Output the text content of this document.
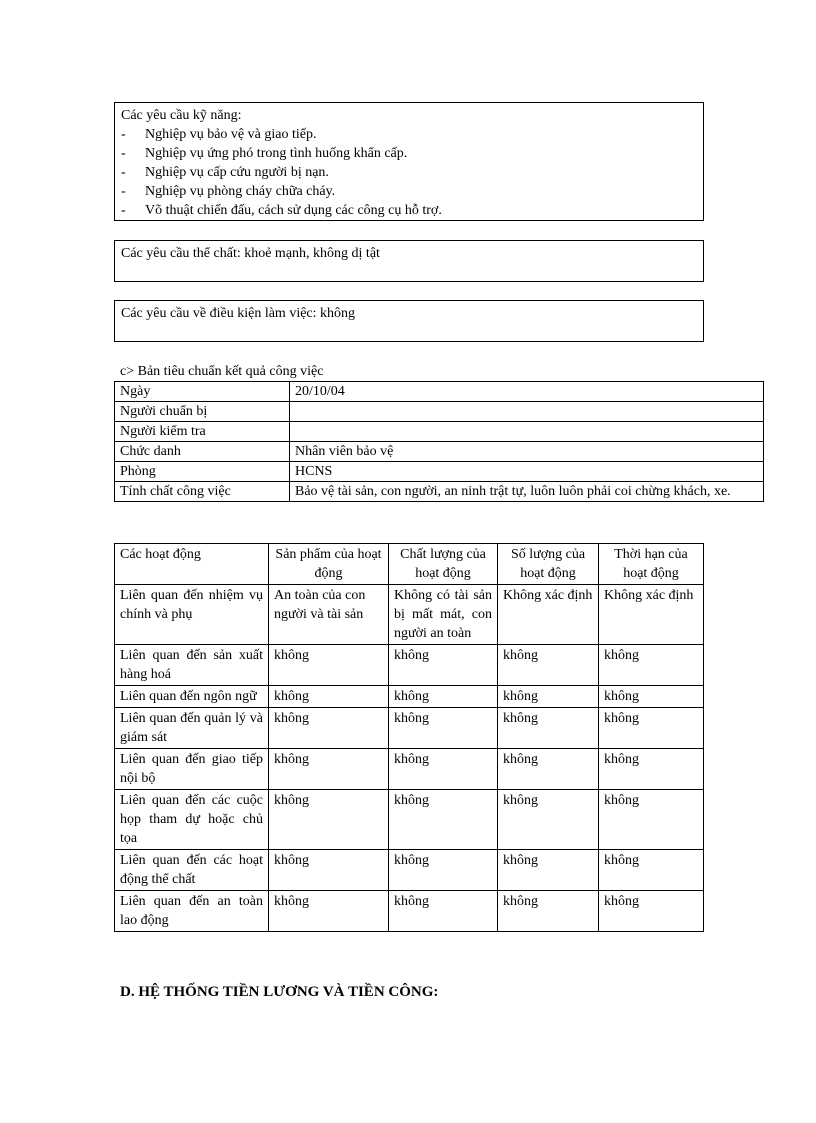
Các yêu cầu kỹ năng:
-	Nghiệp vụ bảo vệ và giao tiếp.
-	Nghiệp vụ ứng phó trong tình huống khẩn cấp.
-	Nghiệp vụ cấp cứu người bị nạn.
-	Nghiệp vụ phòng cháy chữa cháy.
-	Võ thuật chiến đấu, cách sử dụng các công cụ hỗ trợ.
Các yêu cầu thể chất: khoẻ mạnh, không dị tật
Các yêu cầu về điều kiện làm việc: không
c> Bản tiêu chuẩn kết quả công việc
Ngày	20/10/04
Người chuẩn bị	
Người kiểm tra	
Chức danh	Nhân viên bảo vệ
Phòng	HCNS
Tính chất công việc	Bảo vệ tài sản, con người, an ninh trật tự, luôn luôn phải coi chừng khách, xe.
Các hoạt động	Sản phẩm của hoạt động	Chất lượng của hoạt động	Số lượng của hoạt động	Thời hạn của hoạt động
Liên quan đến nhiệm vụ chính và phụ	An toàn của con người và tài sản	Không có tài sản bị mất mát, con người an toàn	Không xác định	Không xác định
Liên quan đến sản xuất hàng hoá	không	không	không	không
Liên quan đến ngôn ngữ	không	không	không	không
Liên quan đến quản lý và giám sát	không	không	không	không
Liên quan đến giao tiếp nội bộ	không	không	không	không
Liên quan đến các cuộc họp tham dự hoặc chủ tọa	không	không	không	không
Liên quan đến các hoạt động thể chất	không	không	không	không
Liên quan đến an toàn lao động	không	không	không	không
D. HỆ THỐNG TIỀN LƯƠNG VÀ TIỀN CÔNG:
